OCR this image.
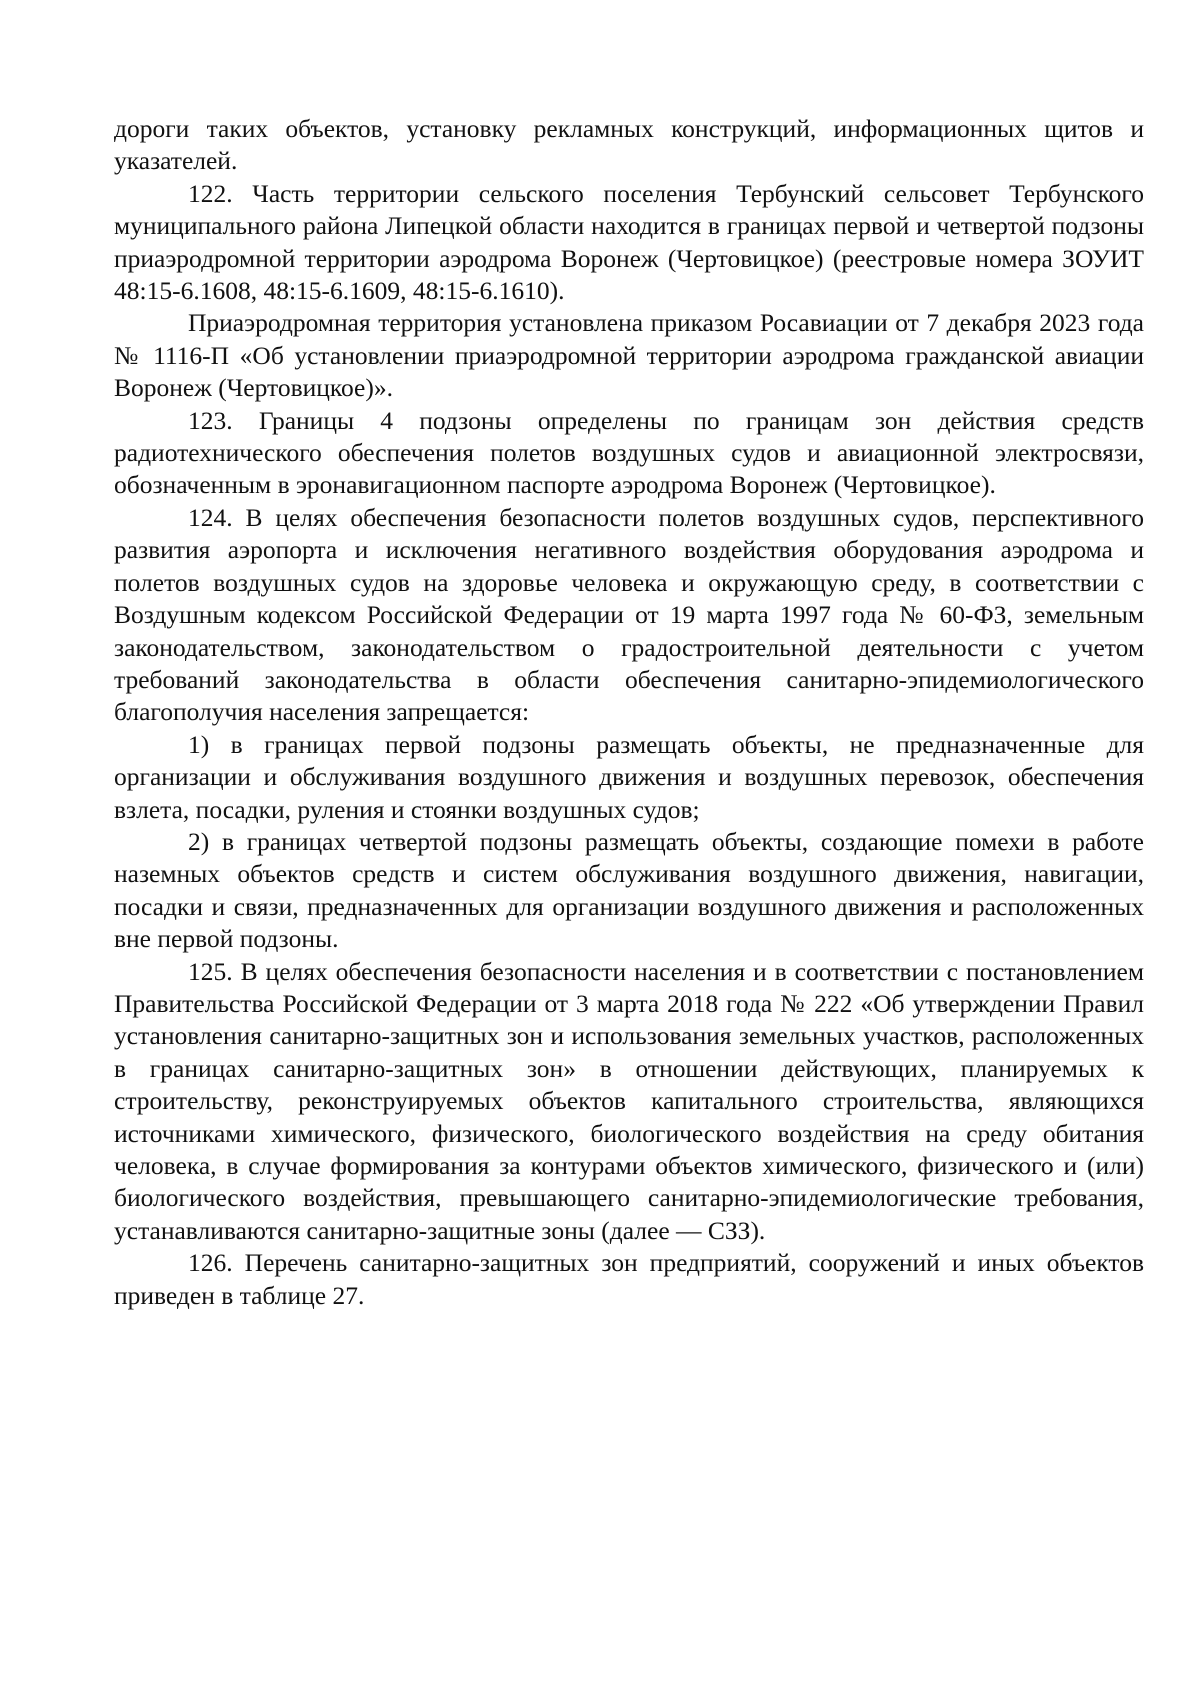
дороги таких объектов, установку рекламных конструкций, информационных щитов и указателей.

122. Часть территории сельского поселения Тербунский сельсовет Тербунского муниципального района Липецкой области находится в границах первой и четвертой подзоны приаэродромной территории аэродрома Воронеж (Чертовицкое) (реестровые номера ЗОУИТ 48:15-6.1608, 48:15-6.1609, 48:15-6.1610).

Приаэродромная территория установлена приказом Росавиации от 7 декабря 2023 года № 1116-П «Об установлении приаэродромной территории аэродрома гражданской авиации Воронеж (Чертовицкое)».

123. Границы 4 подзоны определены по границам зон действия средств радиотехнического обеспечения полетов воздушных судов и авиационной электросвязи, обозначенным в эронавигационном паспорте аэродрома Воронеж (Чертовицкое).

124. В целях обеспечения безопасности полетов воздушных судов, перспективного развития аэропорта и исключения негативного воздействия оборудования аэродрома и полетов воздушных судов на здоровье человека и окружающую среду, в соответствии с Воздушным кодексом Российской Федерации от 19 марта 1997 года № 60-ФЗ, земельным законодательством, законодательством о градостроительной деятельности с учетом требований законодательства в области обеспечения санитарно-эпидемиологического благополучия населения запрещается:

1) в границах первой подзоны размещать объекты, не предназначенные для организации и обслуживания воздушного движения и воздушных перевозок, обеспечения взлета, посадки, руления и стоянки воздушных судов;

2) в границах четвертой подзоны размещать объекты, создающие помехи в работе наземных объектов средств и систем обслуживания воздушного движения, навигации, посадки и связи, предназначенных для организации воздушного движения и расположенных вне первой подзоны.

125. В целях обеспечения безопасности населения и в соответствии с постановлением Правительства Российской Федерации от 3 марта 2018 года № 222 «Об утверждении Правил установления санитарно-защитных зон и использования земельных участков, расположенных в границах санитарно-защитных зон» в отношении действующих, планируемых к строительству, реконструируемых объектов капитального строительства, являющихся источниками химического, физического, биологического воздействия на среду обитания человека, в случае формирования за контурами объектов химического, физического и (или) биологического воздействия, превышающего санитарно-эпидемиологические требования, устанавливаются санитарно-защитные зоны (далее — СЗЗ).

126. Перечень санитарно-защитных зон предприятий, сооружений и иных объектов приведен в таблице 27.
